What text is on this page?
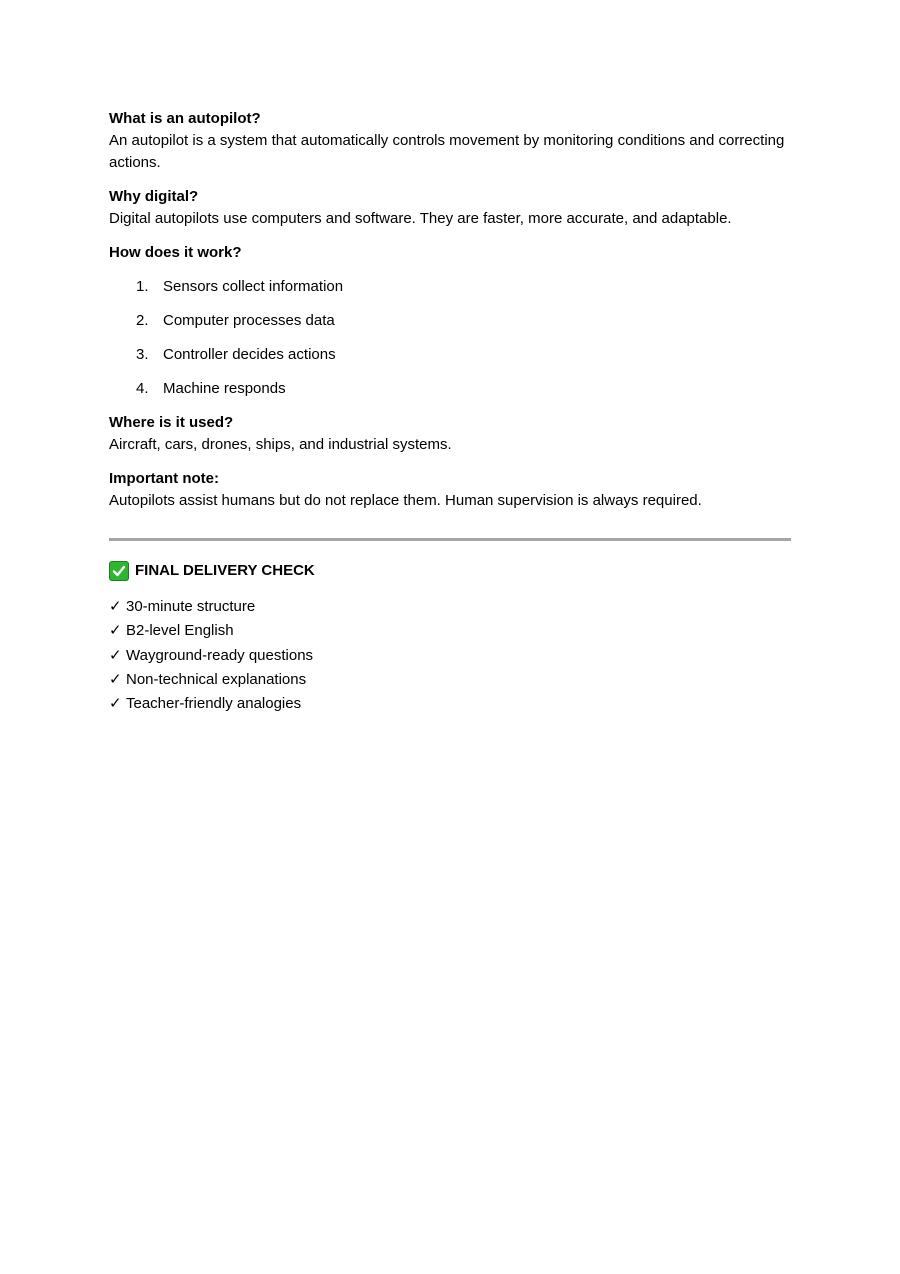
What is an autopilot?

An autopilot is a system that automatically controls movement by monitoring conditions and correcting actions.

Why digital?

Digital autopilots use computers and software. They are faster, more accurate, and adaptable.

How does it work?

1. Sensors collect information
2. Computer processes data
3. Controller decides actions
4. Machine responds

Where is it used?

Aircraft, cars, drones, ships, and industrial systems.

Important note:

Autopilots assist humans but do not replace them. Human supervision is always required.

FINAL DELIVERY CHECK
✓ 30-minute structure
✓ B2-level English
✓ Wayground-ready questions
✓ Non-technical explanations
✓ Teacher-friendly analogies
